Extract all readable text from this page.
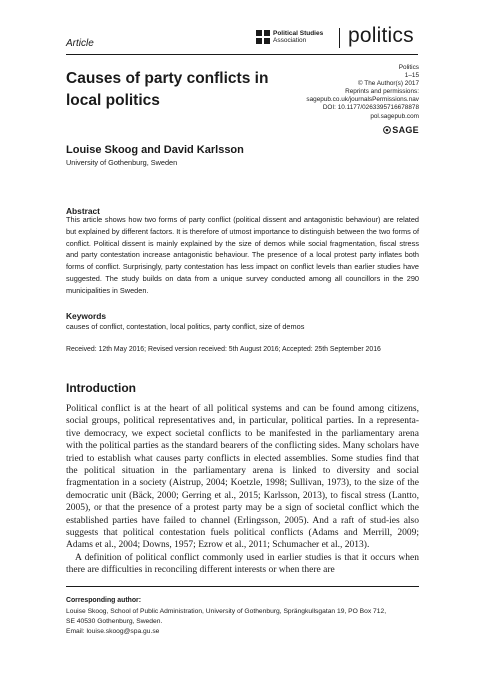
Article
Political Studies
Association	politics
Causes of party conflicts in local politics
Politics
1–15
© The Author(s) 2017
Reprints and permissions:
sagepub.co.uk/journalsPermissions.nav
DOI: 10.1177/0263395716678878
pol.sagepub.com
SAGE
Louise Skoog and David Karlsson
University of Gothenburg, Sweden
Abstract
This article shows how two forms of party conflict (political dissent and antagonistic behaviour) are related but explained by different factors. It is therefore of utmost importance to distinguish between the two forms of conflict. Political dissent is mainly explained by the size of demos while social fragmentation, fiscal stress and party contestation increase antagonistic behaviour. The presence of a local protest party inflates both forms of conflict. Surprisingly, party contestation has less impact on conflict levels than earlier studies have suggested. The study builds on data from a unique survey conducted among all councillors in the 290 municipalities in Sweden.
Keywords
causes of conflict, contestation, local politics, party conflict, size of demos
Received: 12th May 2016; Revised version received: 5th August 2016; Accepted: 25th September 2016
Introduction

Political conflict is at the heart of all political systems and can be found among citizens, social groups, political representatives and, in particular, political parties. In a representa-tive democracy, we expect societal conflicts to be manifested in the parliamentary arena with the political parties as the standard bearers of the conflicting sides. Many scholars have tried to establish what causes party conflicts in elected assemblies. Some studies find that the political situation in the parliamentary arena is linked to diversity and social fragmentation in a society (Aistrup, 2004; Koetzle, 1998; Sullivan, 1973), to the size of the democratic unit (Bäck, 2000; Gerring et al., 2015; Karlsson, 2013), to fiscal stress (Lantto, 2005), or that the presence of a protest party may be a sign of societal conflict which the established parties have failed to channel (Erlingsson, 2005). And a raft of stud-ies also suggests that political contestation fuels political conflicts (Adams and Merrill, 2009; Adams et al., 2004; Downs, 1957; Ezrow et al., 2011; Schumacher et al., 2013).

A definition of political conflict commonly used in earlier studies is that it occurs when there are difficulties in reconciling different interests or when there are

Corresponding author:
Louise Skoog, School of Public Administration, University of Gothenburg, Sprängkullsgatan 19, PO Box 712,
SE 40530 Gothenburg, Sweden.
Email: louise.skoog@spa.gu.se
